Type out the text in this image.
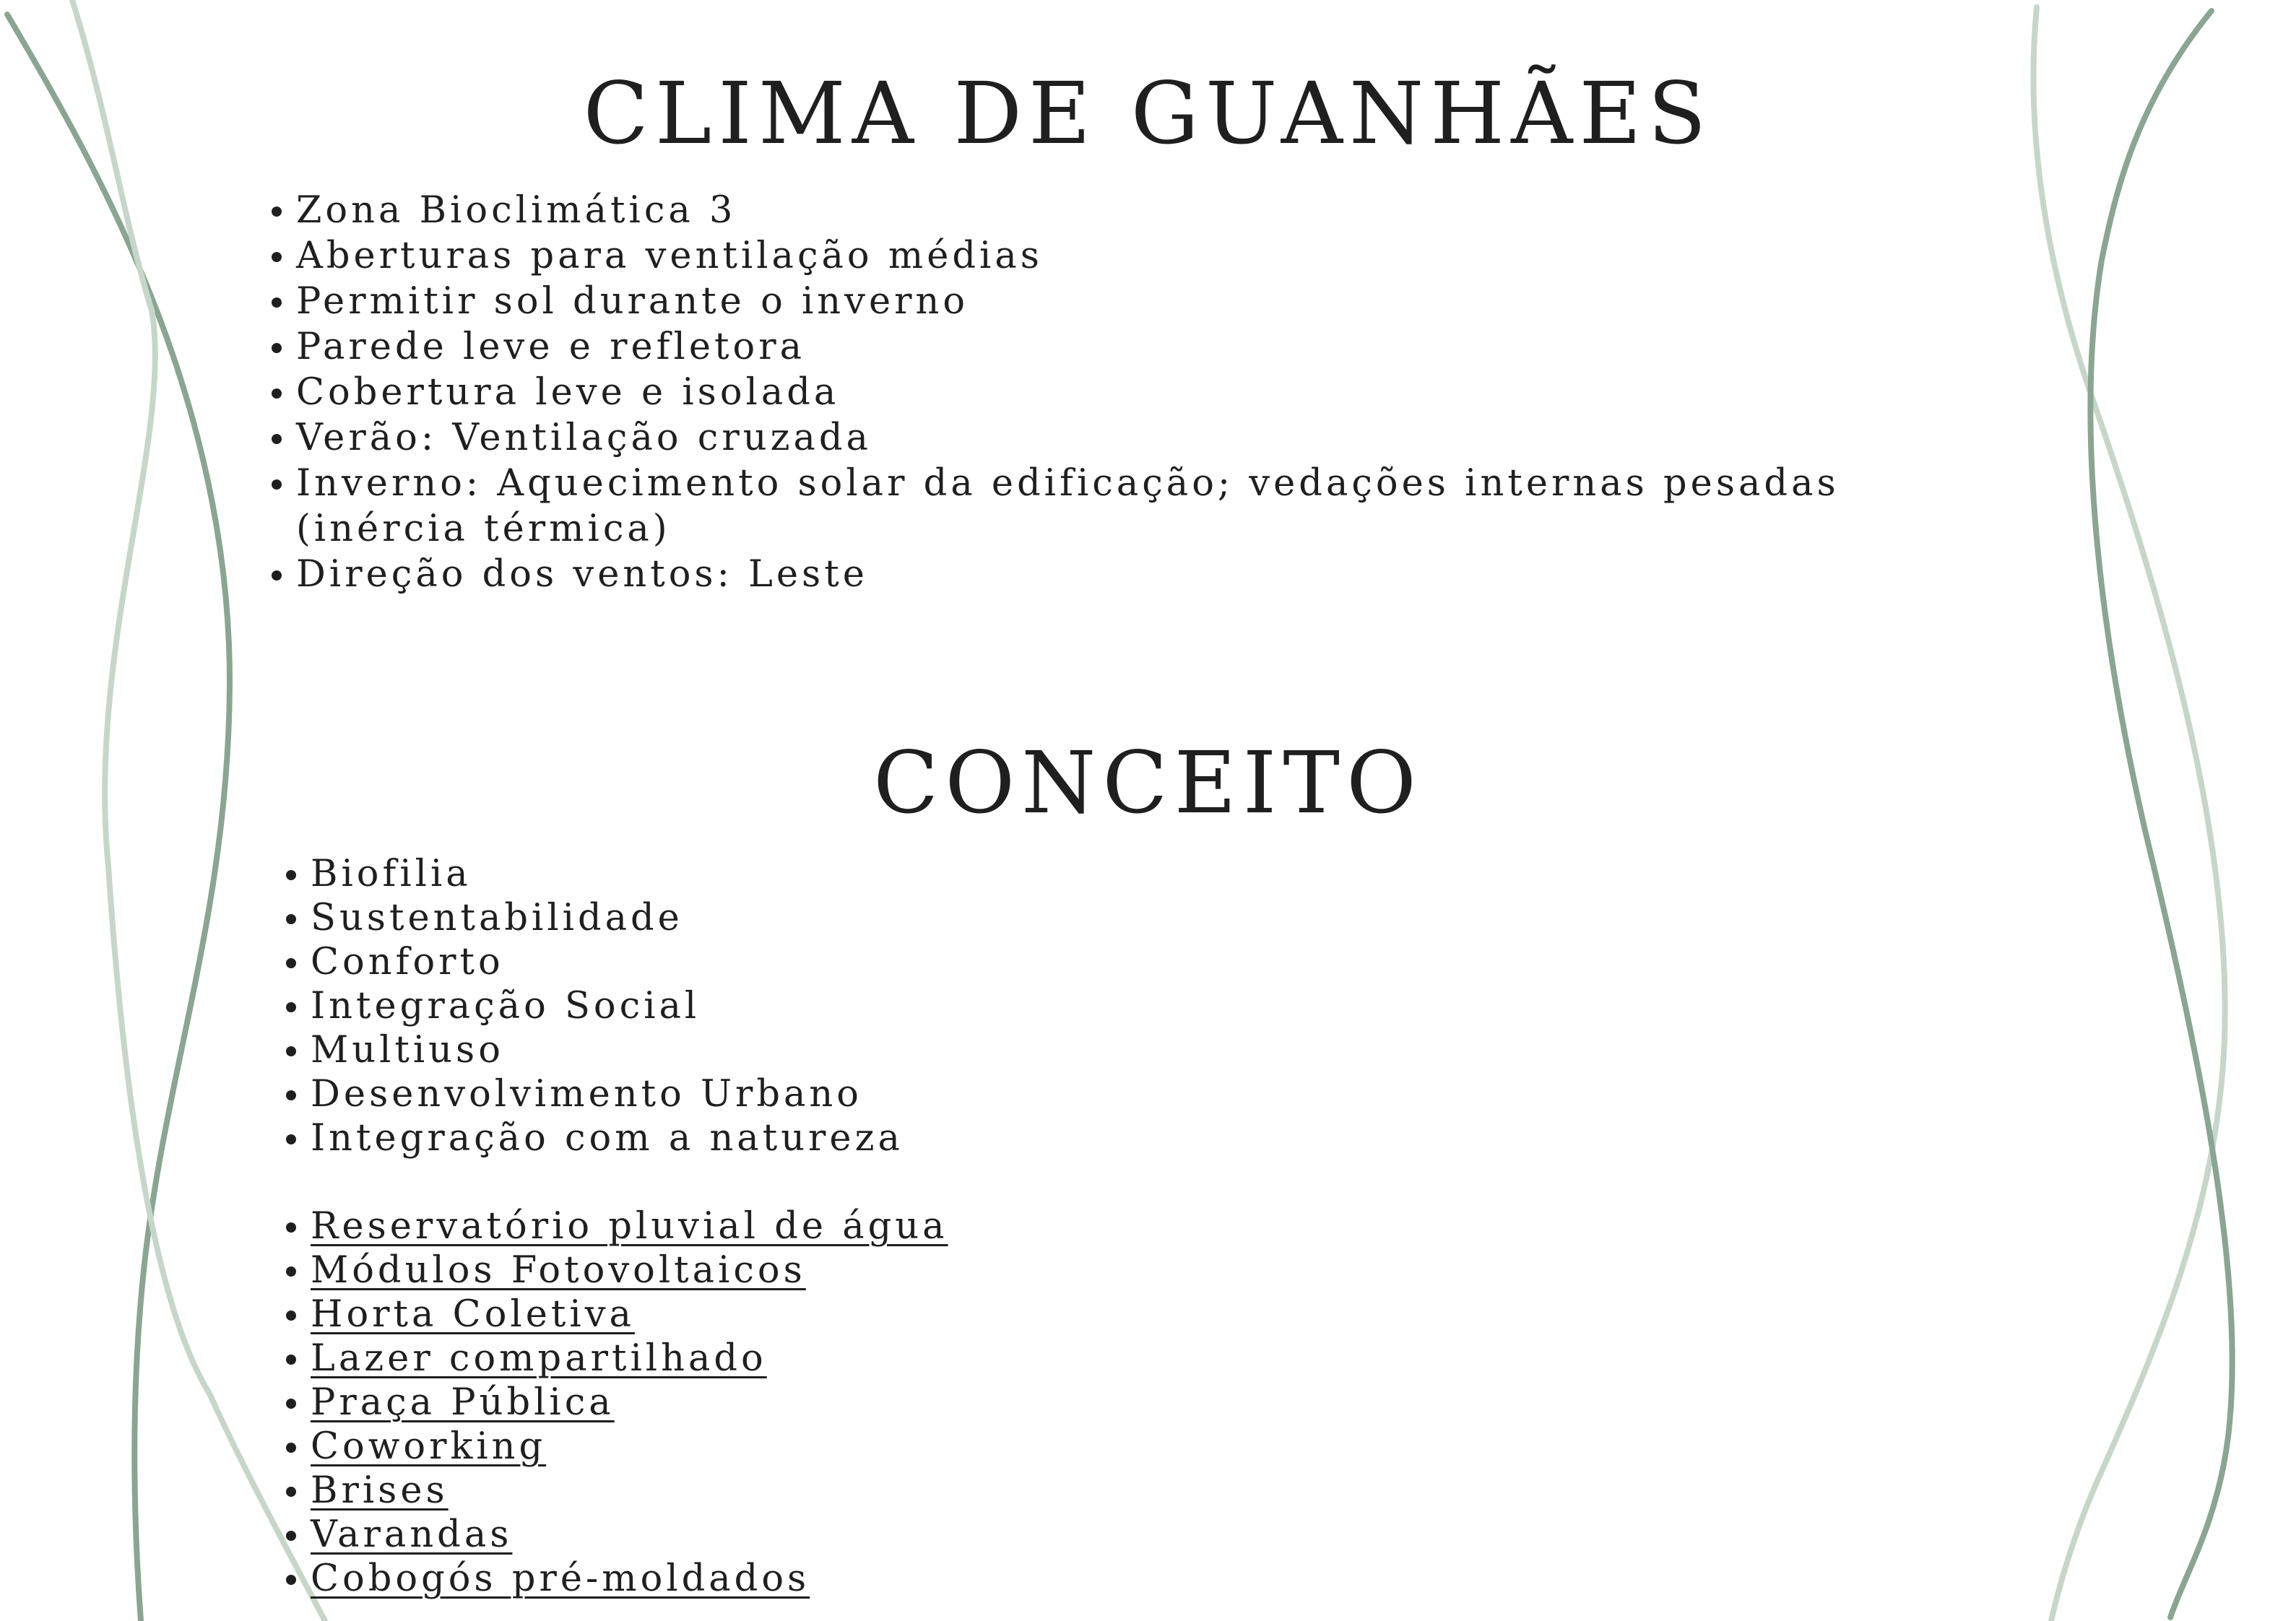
CLIMA DE GUANHÃES
Zona Bioclimática 3
Aberturas para ventilação médias
Permitir sol durante o inverno
Parede leve e refletora
Cobertura leve e isolada
Verão: Ventilação cruzada
Inverno: Aquecimento solar da edificação; vedações internas pesadas (inércia térmica)
Direção dos ventos: Leste
CONCEITO
Biofilia
Sustentabilidade
Conforto
Integração Social
Multiuso
Desenvolvimento Urbano
Integração com a natureza
Reservatório pluvial de água
Módulos Fotovoltaicos
Horta Coletiva
Lazer compartilhado
Praça Pública
Coworking
Brises
Varandas
Cobogós pré-moldados
